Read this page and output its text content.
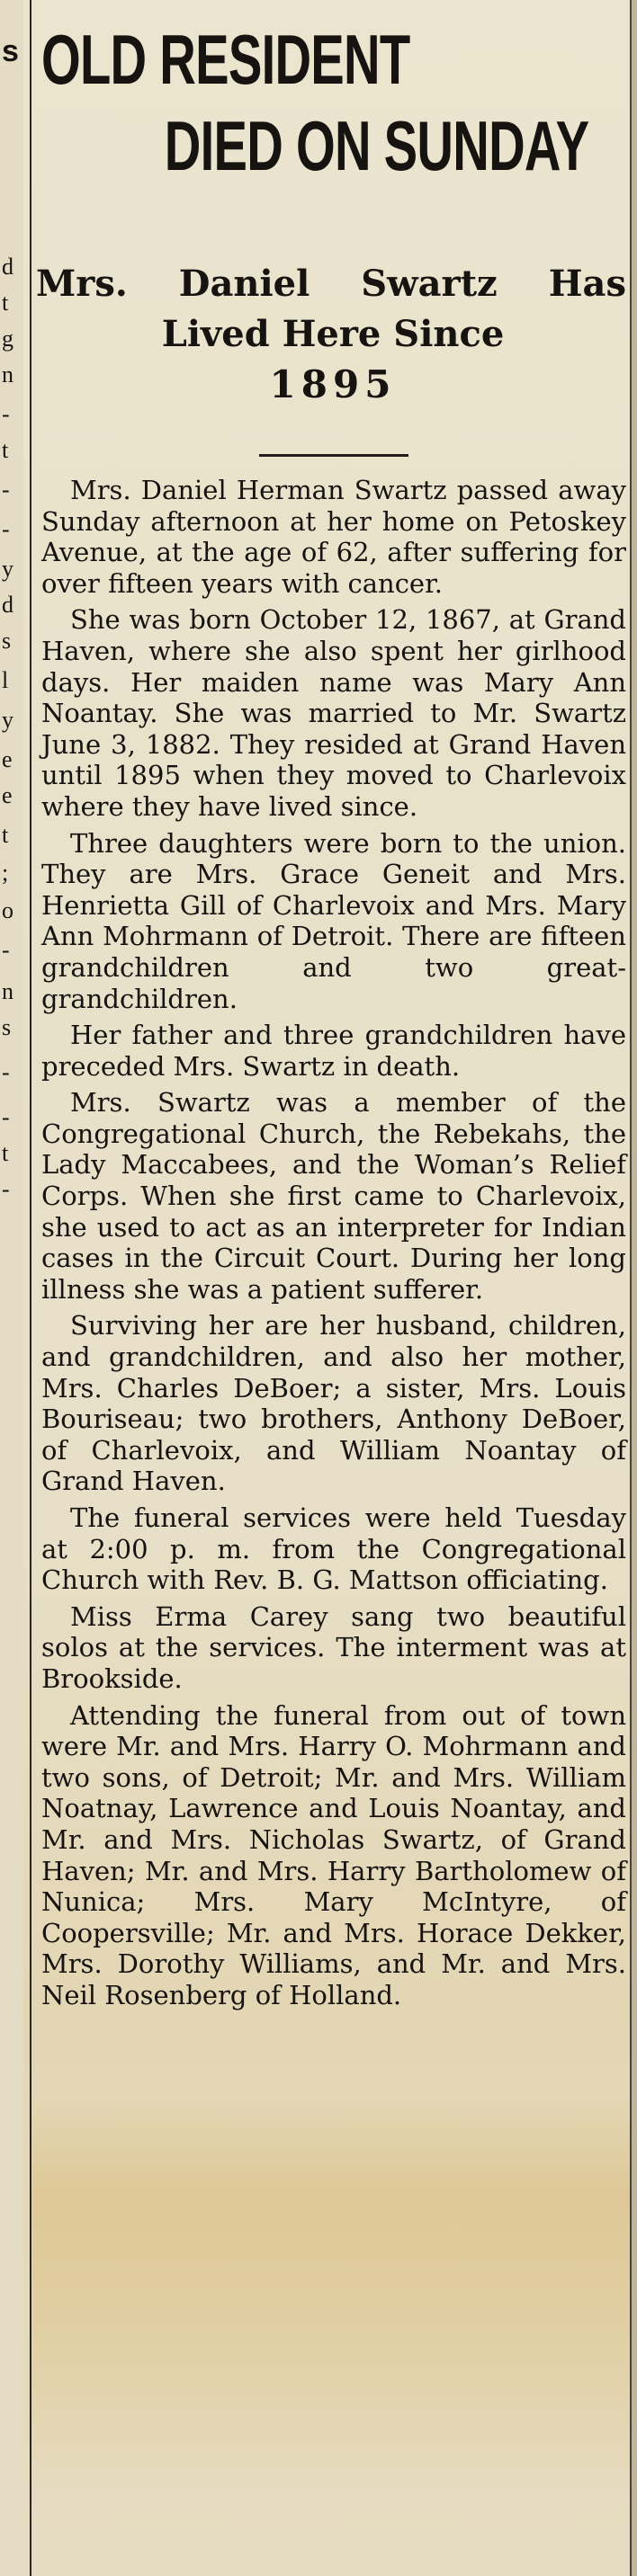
s
d
t
g
n
-
t
-
-
y
d
s
l
y
e
e
t
;
o
-
n
s
-
-
t
-
OLD RESIDENT
DIED ON SUNDAY
Mrs. Daniel Swartz Has
Lived Here Since
1895

Mrs. Daniel Herman Swartz passed away Sunday afternoon at her home on Petoskey Avenue, at the age of 62, after suffering for over fifteen years with cancer.

She was born October 12, 1867, at Grand Haven, where she also spent her girlhood days. Her maiden name was Mary Ann Noantay. She was married to Mr. Swartz June 3, 1882. They resided at Grand Haven until 1895 when they moved to Charlevoix where they have lived since.

Three daughters were born to the union. They are Mrs. Grace Geneit and Mrs. Henrietta Gill of Charlevoix and Mrs. Mary Ann Mohrmann of Detroit. There are fifteen grandchildren and two great-grandchildren.

Her father and three grandchildren have preceded Mrs. Swartz in death.

Mrs. Swartz was a member of the Congregational Church, the Rebekahs, the Lady Maccabees, and the Woman’s Relief Corps. When she first came to Charlevoix, she used to act as an interpreter for Indian cases in the Circuit Court. During her long illness she was a patient sufferer.

Surviving her are her husband, children, and grandchildren, and also her mother, Mrs. Charles DeBoer; a sister, Mrs. Louis Bouriseau; two brothers, Anthony DeBoer, of Charlevoix, and William Noantay of Grand Haven.

The funeral services were held Tuesday at 2:00 p. m. from the Congregational Church with Rev. B. G. Mattson officiating.

Miss Erma Carey sang two beautiful solos at the services. The interment was at Brookside.

Attending the funeral from out of town were Mr. and Mrs. Harry O. Mohrmann and two sons, of Detroit; Mr. and Mrs. William Noatnay, Lawrence and Louis Noantay, and Mr. and Mrs. Nicholas Swartz, of Grand Haven; Mr. and Mrs. Harry Bartholomew of Nunica; Mrs. Mary McIntyre, of Coopersville; Mr. and Mrs. Horace Dekker, Mrs. Dorothy Williams, and Mr. and Mrs. Neil Rosenberg of Holland.
